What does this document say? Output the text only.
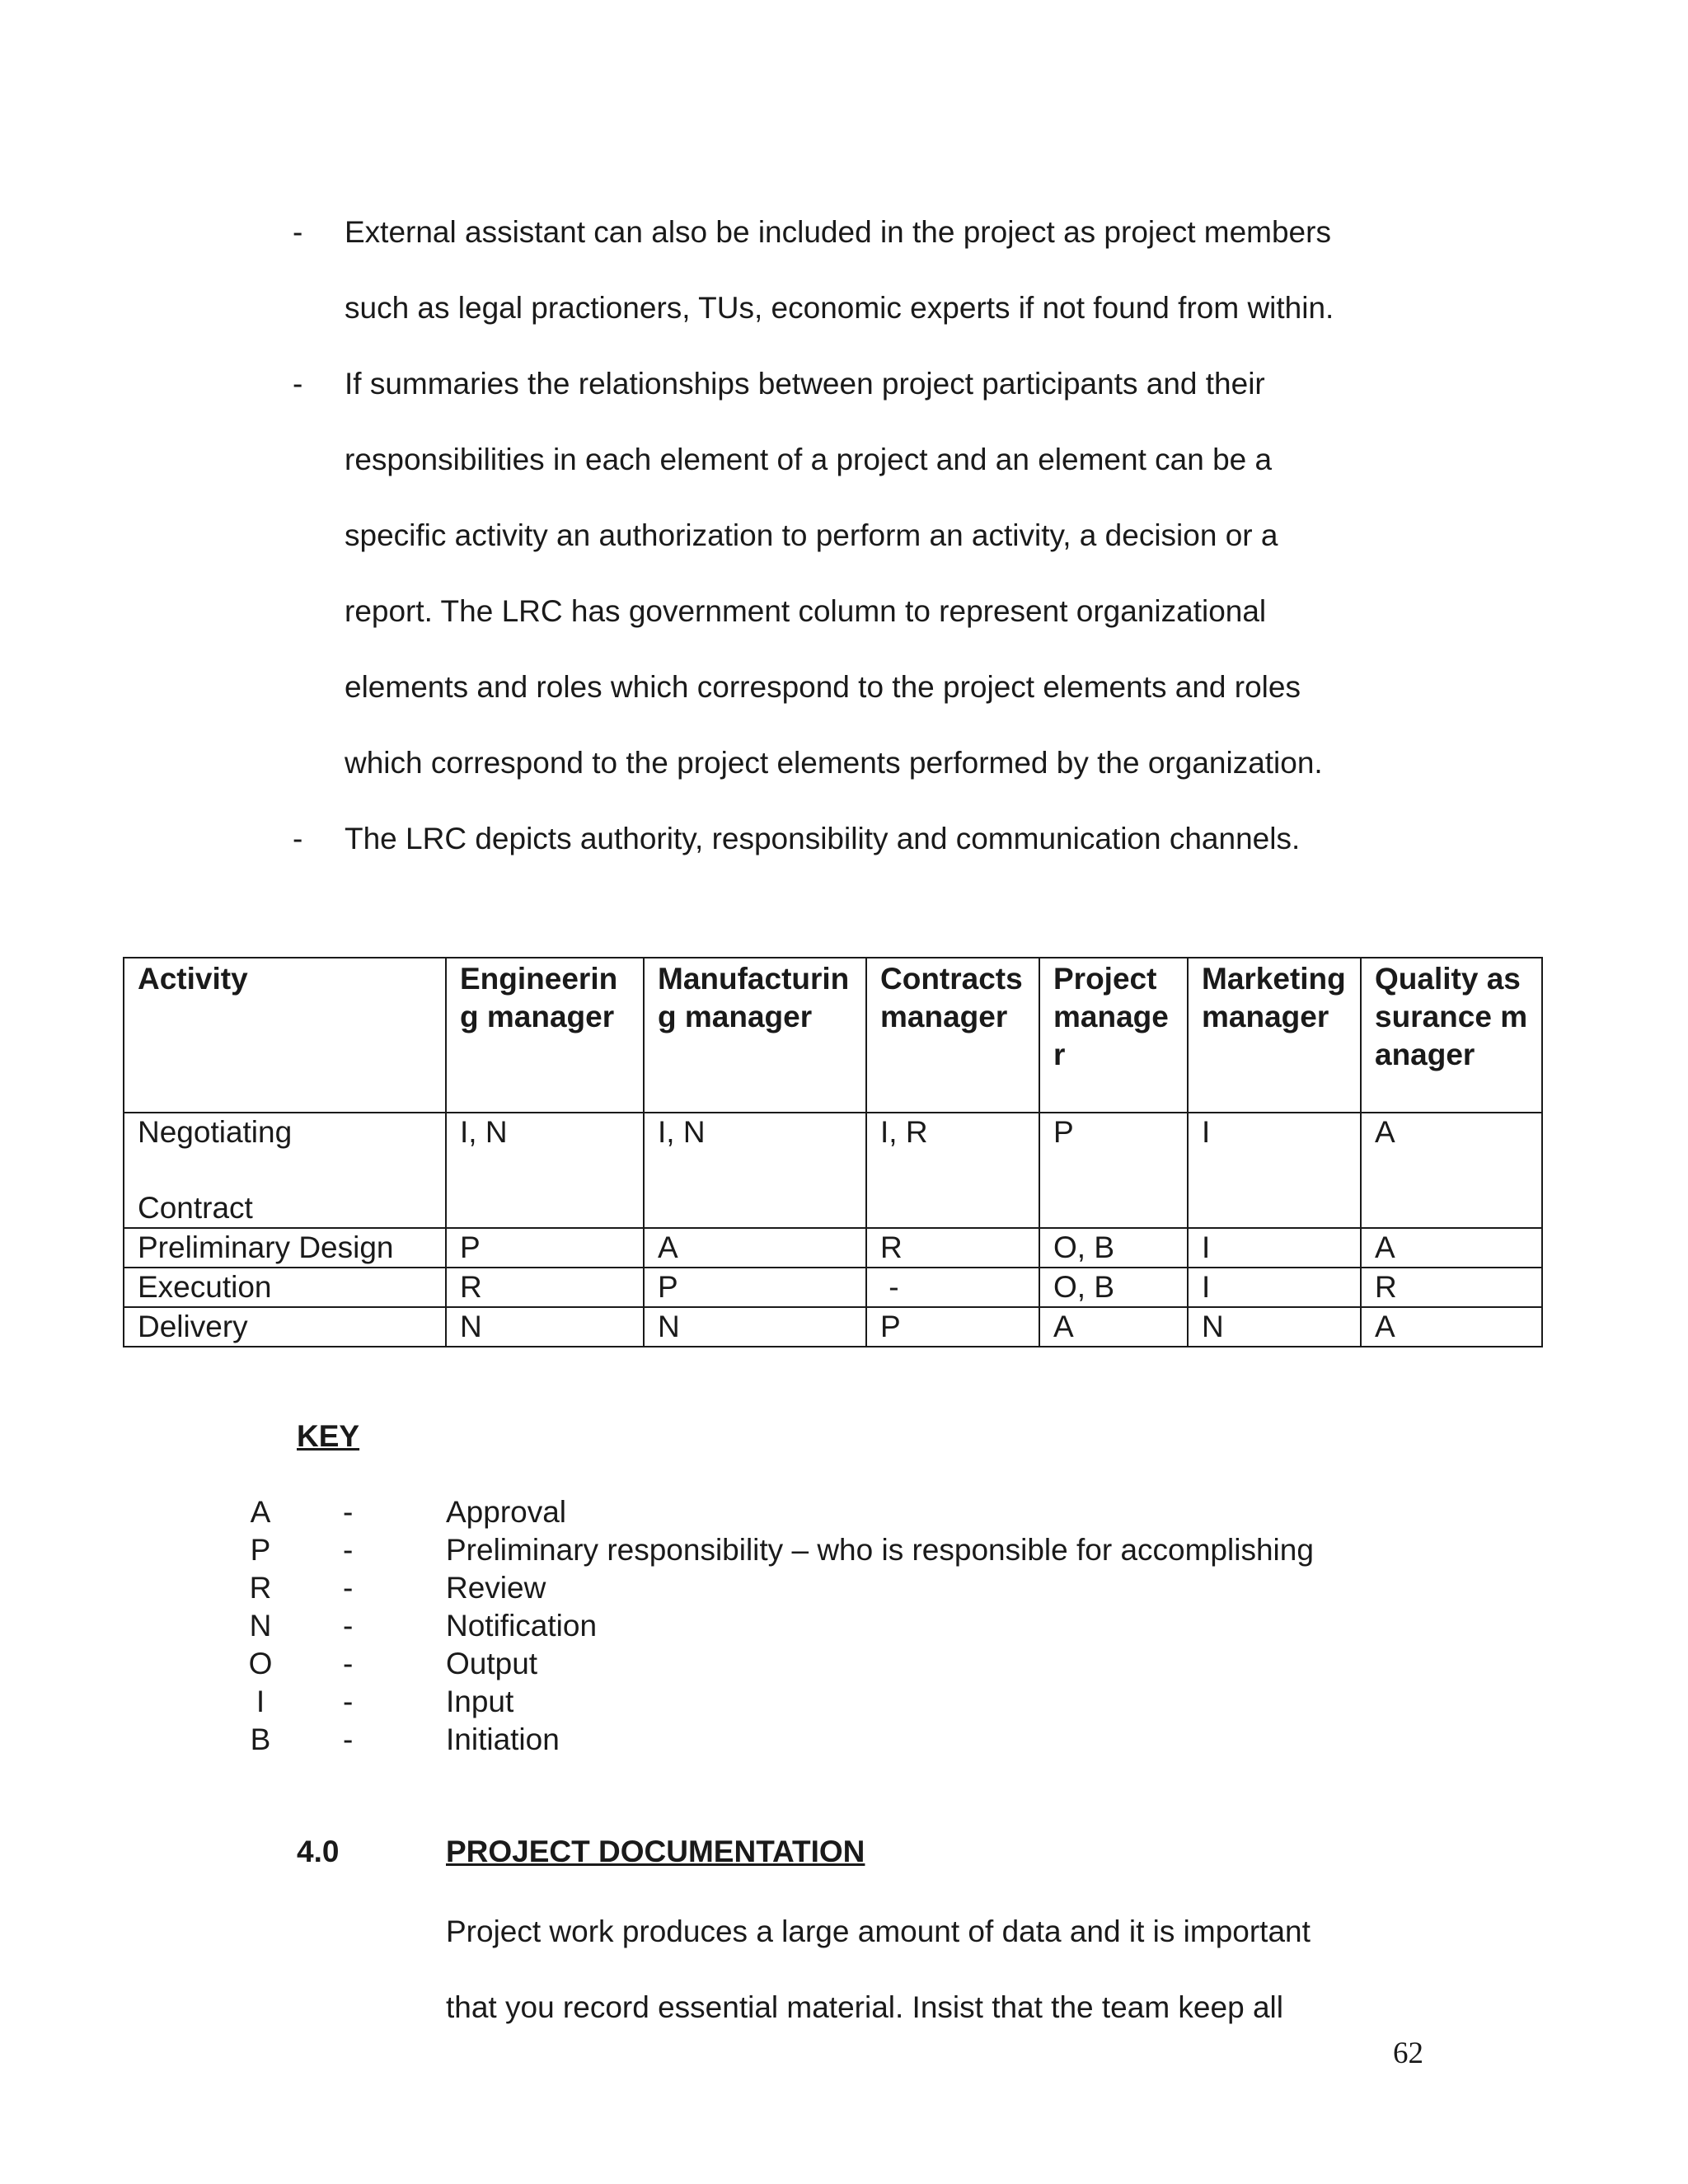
- External assistant can also be included in the project as project members
such as legal practioners, TUs, economic experts if not found from within.
- If summaries the relationships between project participants and their
responsibilities in each element of a project and an element can be a
specific activity an authorization to perform an activity, a decision or a
report. The LRC has government column to represent organizational
elements and roles which correspond to the project elements and roles
which correspond to the project elements performed by the organization.
- The LRC depicts authority, responsibility and communication channels.
Activity	Engineering manager	Manufacturing manager	Contracts manager	Project manager	Marketing manager	Quality assurance manager
Negotiating

Contract	I, N	I, N	I, R	P	I	A
Preliminary Design	P	A	R	O, B	I	A
Execution	R	P	-	O, B	I	R
Delivery	N	N	P	A	N	A
KEY
A -	Approval
P -	Preliminary responsibility – who is responsible for accomplishing
R -	Review
N -	Notification
O -	Output
I	-	Input
B -	Initiation
4.0	PROJECT DOCUMENTATION
Project work produces a large amount of data and it is important
that you record essential material. Insist that the team keep all
62
